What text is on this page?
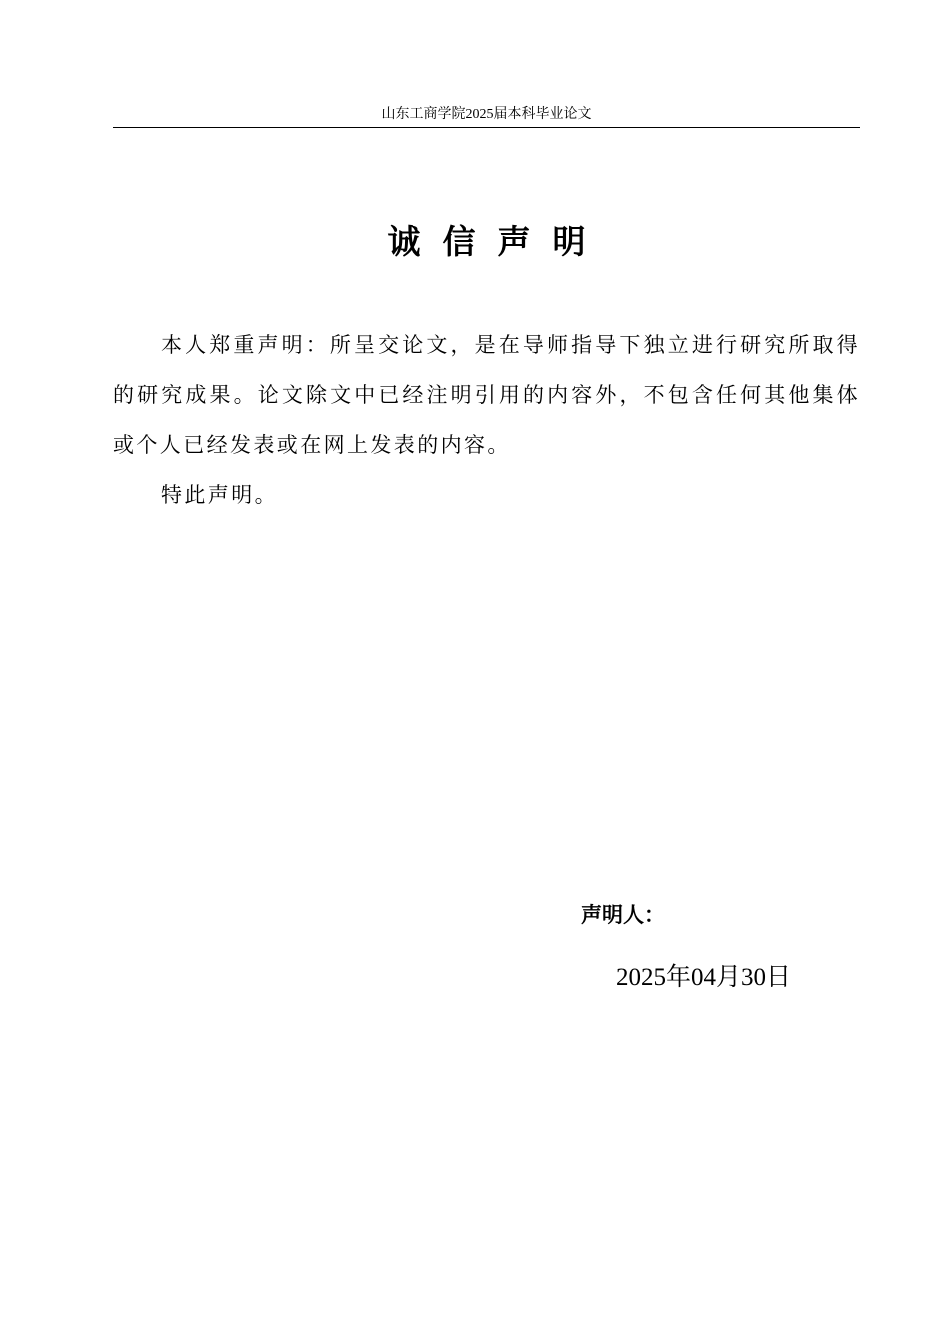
山东工商学院2025届本科毕业论文
诚信声明

本人郑重声明：所呈交论文，是在导师指导下独立进行研究所取得的研究成果。论文除文中已经注明引用的内容外，不包含任何其他集体或个人已经发表或在网上发表的内容。

特此声明。

声明人：
2025年04月30日
